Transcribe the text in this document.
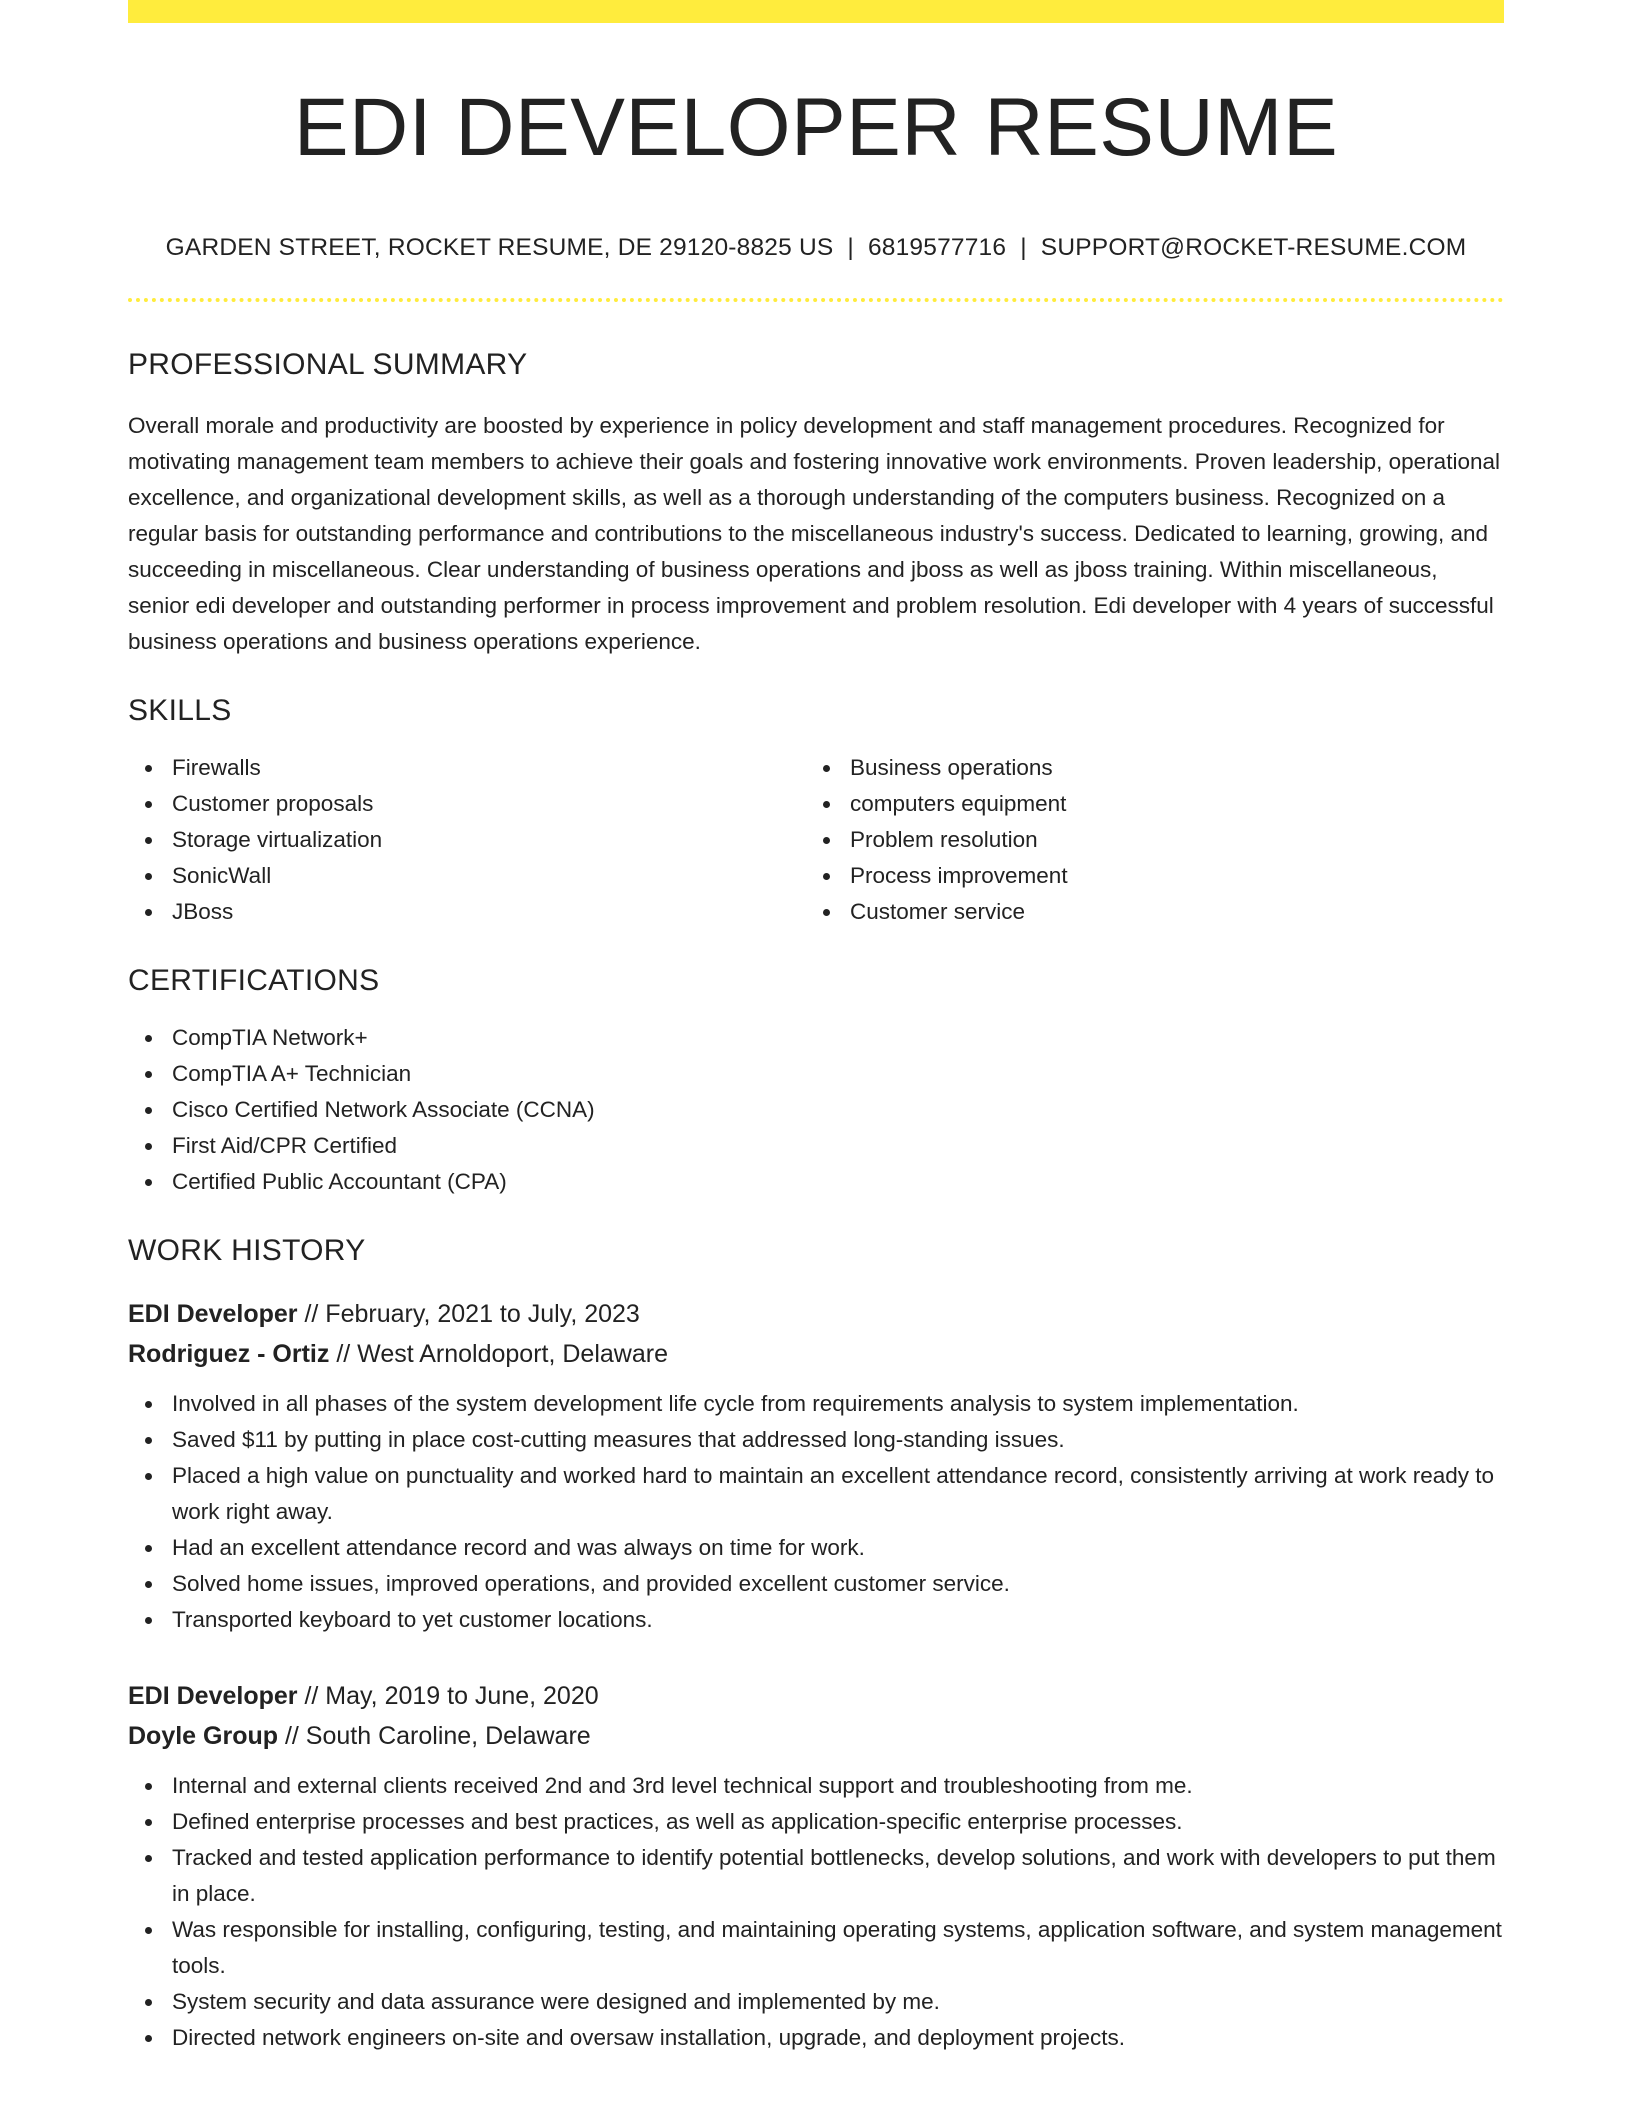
EDI DEVELOPER RESUME
GARDEN STREET, ROCKET RESUME, DE 29120-8825 US | 6819577716 | SUPPORT@ROCKET-RESUME.COM
PROFESSIONAL SUMMARY

Overall morale and productivity are boosted by experience in policy development and staff management procedures. Recognized for motivating management team members to achieve their goals and fostering innovative work environments. Proven leadership, operational excellence, and organizational development skills, as well as a thorough understanding of the computers business. Recognized on a regular basis for outstanding performance and contributions to the miscellaneous industry's success. Dedicated to learning, growing, and succeeding in miscellaneous. Clear understanding of business operations and jboss as well as jboss training. Within miscellaneous, senior edi developer and outstanding performer in process improvement and problem resolution. Edi developer with 4 years of successful business operations and business operations experience.

SKILLS
Firewalls
Customer proposals
Storage virtualization
SonicWall
JBoss
Business operations
computers equipment
Problem resolution
Process improvement
Customer service
CERTIFICATIONS
CompTIA Network+
CompTIA A+ Technician
Cisco Certified Network Associate (CCNA)
First Aid/CPR Certified
Certified Public Accountant (CPA)
WORK HISTORY
EDI Developer // February, 2021 to July, 2023
Rodriguez - Ortiz // West Arnoldoport, Delaware
Involved in all phases of the system development life cycle from requirements analysis to system implementation.
Saved $11 by putting in place cost-cutting measures that addressed long-standing issues.
Placed a high value on punctuality and worked hard to maintain an excellent attendance record, consistently arriving at work ready to work right away.
Had an excellent attendance record and was always on time for work.
Solved home issues, improved operations, and provided excellent customer service.
Transported keyboard to yet customer locations.
EDI Developer // May, 2019 to June, 2020
Doyle Group // South Caroline, Delaware
Internal and external clients received 2nd and 3rd level technical support and troubleshooting from me.
Defined enterprise processes and best practices, as well as application-specific enterprise processes.
Tracked and tested application performance to identify potential bottlenecks, develop solutions, and work with developers to put them in place.
Was responsible for installing, configuring, testing, and maintaining operating systems, application software, and system management tools.
System security and data assurance were designed and implemented by me.
Directed network engineers on-site and oversaw installation, upgrade, and deployment projects.
